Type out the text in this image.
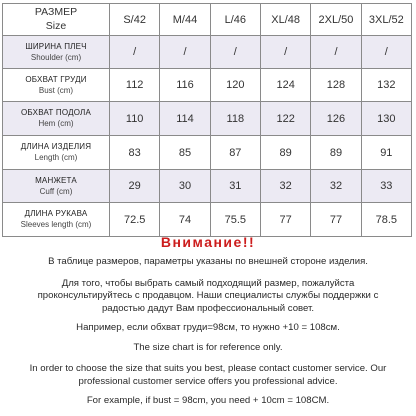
РАЗМЕР
Size	S/42	M/44	L/46	XL/48	2XL/50	3XL/52

ШИРИНА ПЛЕЧ
Shoulder (cm)	/	/	/	/	/	/

ОБХВАТ ГРУДИ
Bust (cm)	112	116	120	124	128	132

ОБХВАТ ПОДОЛА
Hem (cm)	110	114	118	122	126	130

ДЛИНА ИЗДЕЛИЯ
Length (cm)	83	85	87	89	89	91

МАНЖЕТА
Cuff (cm)	29	30	31	32	32	33

ДЛИНА РУКАВА
Sleeves length (cm)	72.5	74	75.5	77	77	78.5

Внимание!!

В таблице размеров, параметры указаны по внешней стороне изделия.

Для того, чтобы выбрать самый подходящий размер, пожалуйста проконсультируйтесь с продавцом. Наши специалисты службы поддержки с радостью дадут Вам профессиональный совет.

Например, если обхват груди=98см, то нужно +10 = 108см.

The size chart is for reference only.

In order to choose the size that suits you best, please contact customer service. Our professional customer service offers you professional advice.

For example, if bust = 98cm, you need + 10cm = 108CM.
